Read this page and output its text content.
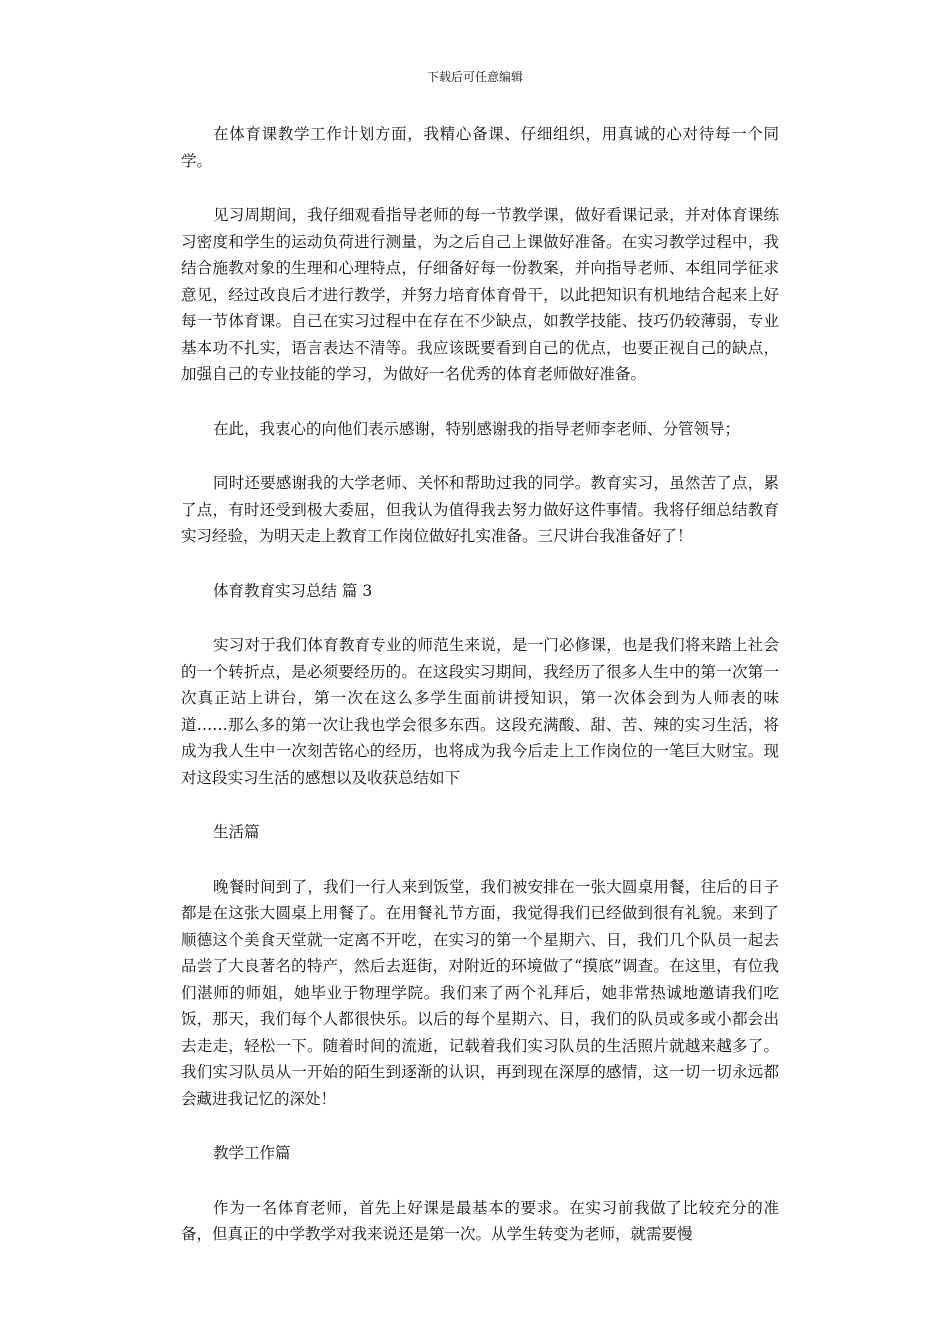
下载后可任意编辑

在体育课教学工作计划方面，我精心备课、仔细组织，用真诚的心对待每一个同学。

见习周期间，我仔细观看指导老师的每一节教学课，做好看课记录，并对体育课练习密度和学生的运动负荷进行测量，为之后自己上课做好准备。在实习教学过程中，我结合施教对象的生理和心理特点，仔细备好每一份教案，并向指导老师、本组同学征求意见，经过改良后才进行教学，并努力培育体育骨干，以此把知识有机地结合起来上好每一节体育课。自己在实习过程中在存在不少缺点，如教学技能、技巧仍较薄弱，专业基本功不扎实，语言表达不清等。我应该既要看到自己的优点，也要正视自己的缺点，加强自己的专业技能的学习，为做好一名优秀的体育老师做好准备。

在此，我衷心的向他们表示感谢，特别感谢我的指导老师李老师、分管领导；

同时还要感谢我的大学老师、关怀和帮助过我的同学。教育实习，虽然苦了点，累了点，有时还受到极大委屈，但我认为值得我去努力做好这件事情。我将仔细总结教育实习经验，为明天走上教育工作岗位做好扎实准备。三尺讲台我准备好了！

体育教育实习总结 篇 3

实习对于我们体育教育专业的师范生来说，是一门必修课，也是我们将来踏上社会的一个转折点，是必须要经历的。在这段实习期间，我经历了很多人生中的第一次第一次真正站上讲台，第一次在这么多学生面前讲授知识，第一次体会到为人师表的味道……那么多的第一次让我也学会很多东西。这段充满酸、甜、苦、辣的实习生活，将成为我人生中一次刻苦铭心的经历，也将成为我今后走上工作岗位的一笔巨大财宝。现对这段实习生活的感想以及收获总结如下

生活篇

晚餐时间到了，我们一行人来到饭堂，我们被安排在一张大圆桌用餐，往后的日子都是在这张大圆桌上用餐了。在用餐礼节方面，我觉得我们已经做到很有礼貌。来到了顺德这个美食天堂就一定离不开吃，在实习的第一个星期六、日，我们几个队员一起去品尝了大良著名的特产，然后去逛街，对附近的环境做了“摸底”调查。在这里，有位我们湛师的师姐，她毕业于物理学院。我们来了两个礼拜后，她非常热诚地邀请我们吃饭，那天，我们每个人都很快乐。以后的每个星期六、日，我们的队员或多或小都会出去走走，轻松一下。随着时间的流逝，记载着我们实习队员的生活照片就越来越多了。我们实习队员从一开始的陌生到逐渐的认识，再到现在深厚的感情，这一切一切永远都会藏进我记忆的深处！

教学工作篇

作为一名体育老师，首先上好课是最基本的要求。在实习前我做了比较充分的准备，但真正的中学教学对我来说还是第一次。从学生转变为老师，就需要慢
